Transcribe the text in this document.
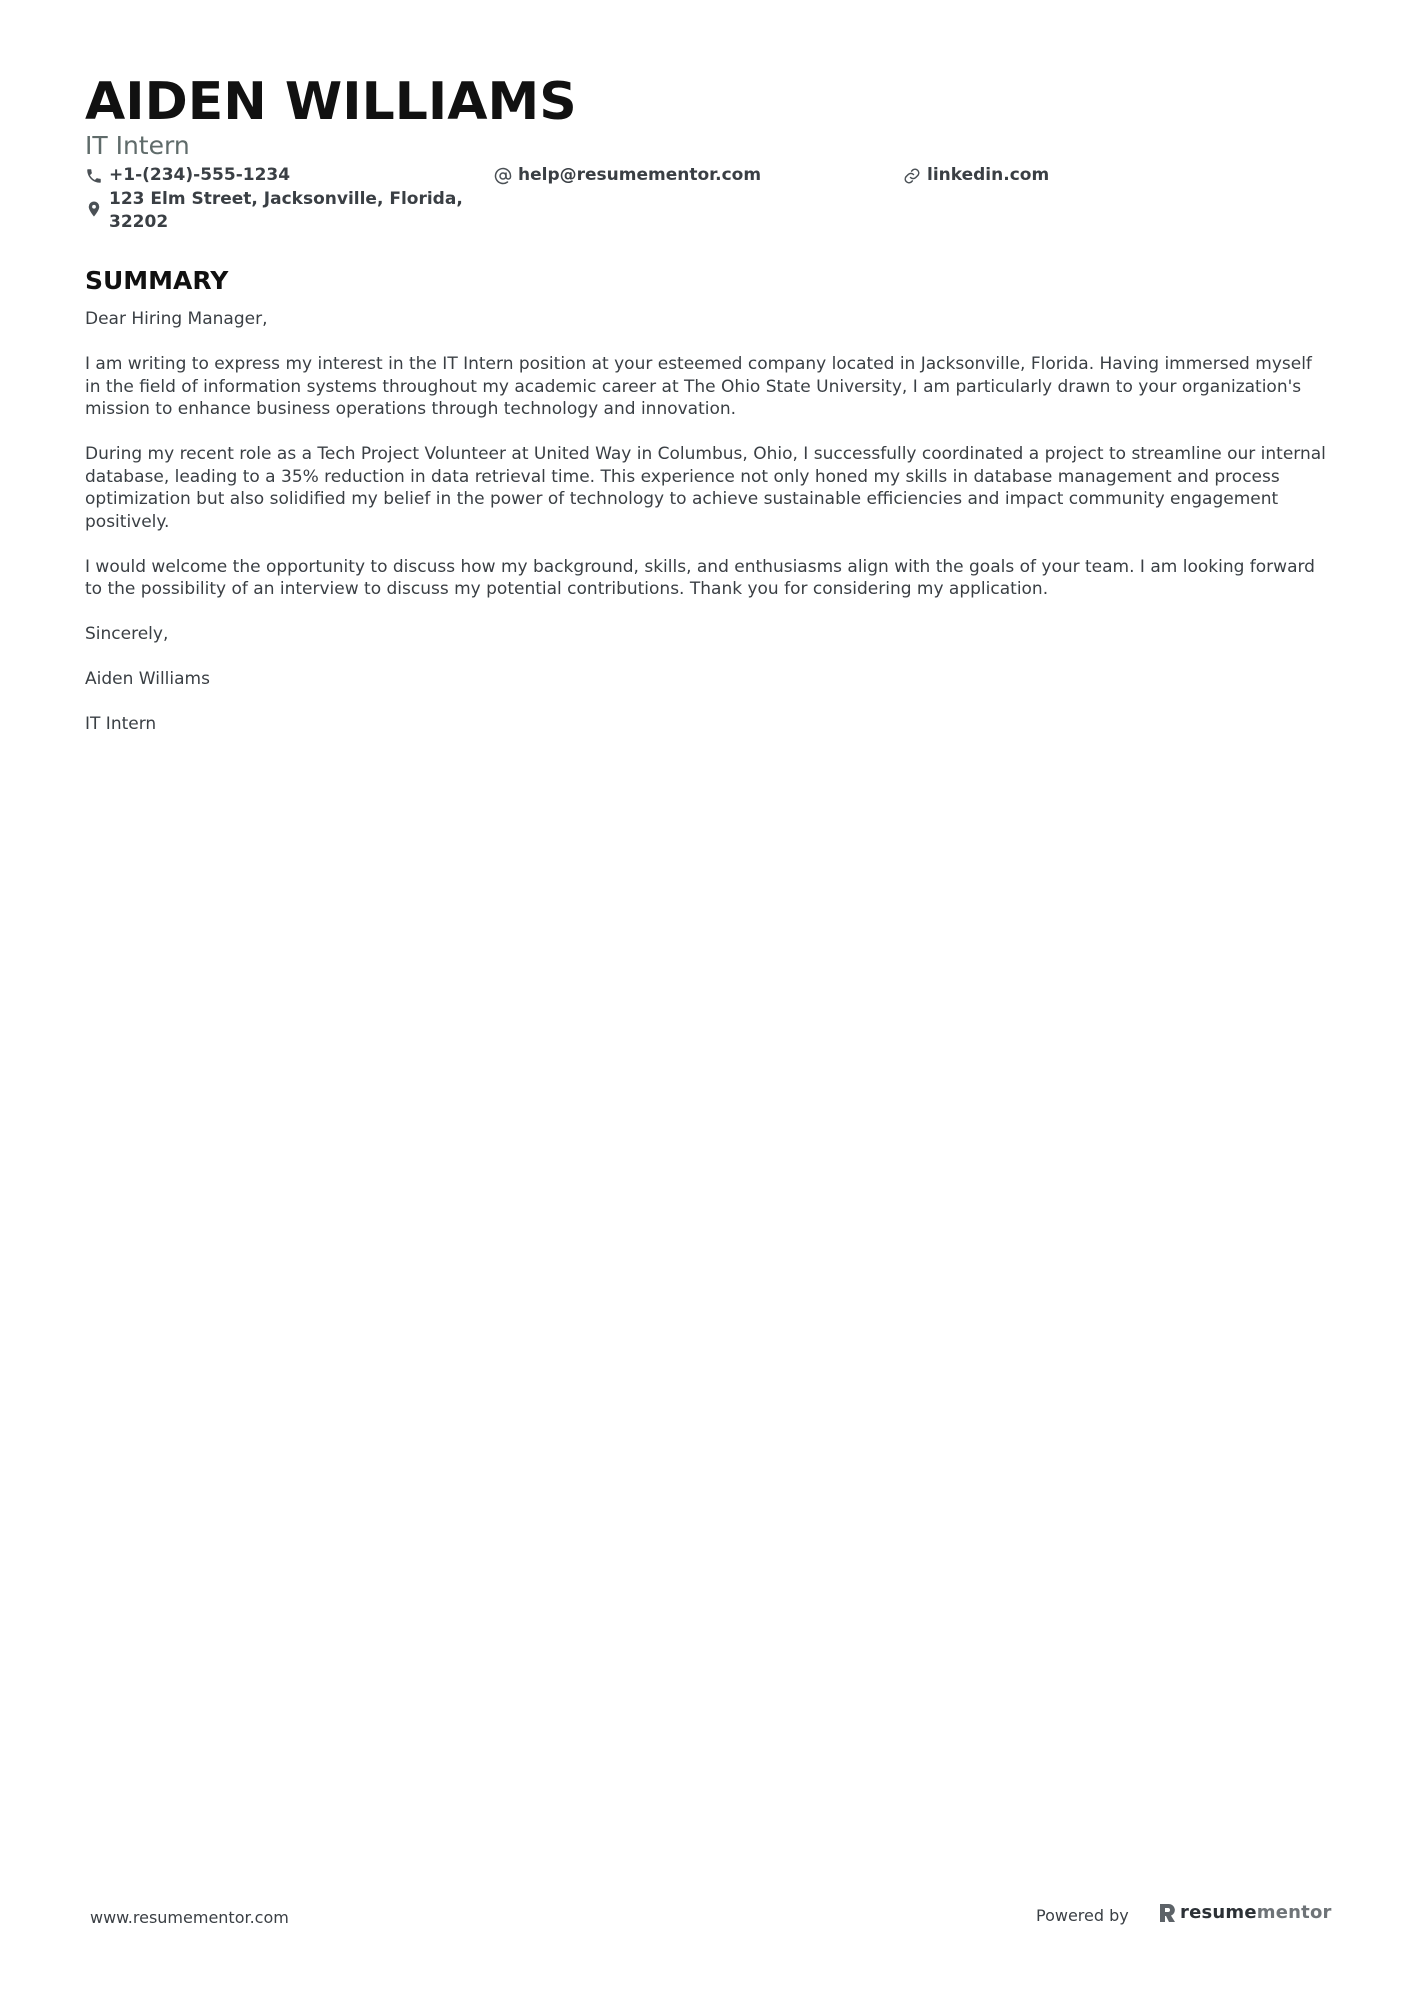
AIDEN WILLIAMS
IT Intern
+1-(234)-555-1234	help@resumementor.com	linkedin.com
123 Elm Street, Jacksonville, Florida,
32202
SUMMARY

Dear Hiring Manager,

I am writing to express my interest in the IT Intern position at your esteemed company located in Jacksonville, Florida. Having immersed myself in the field of information systems throughout my academic career at The Ohio State University, I am particularly drawn to your organization's mission to enhance business operations through technology and innovation.

During my recent role as a Tech Project Volunteer at United Way in Columbus, Ohio, I successfully coordinated a project to streamline our internal database, leading to a 35% reduction in data retrieval time. This experience not only honed my skills in database management and process optimization but also solidified my belief in the power of technology to achieve sustainable efficiencies and impact community engagement positively.

I would welcome the opportunity to discuss how my background, skills, and enthusiasms align with the goals of your team. I am looking forward to the possibility of an interview to discuss my potential contributions. Thank you for considering my application.

Sincerely,

Aiden Williams

IT Intern

www.resumementor.com	Powered by	resumementor
